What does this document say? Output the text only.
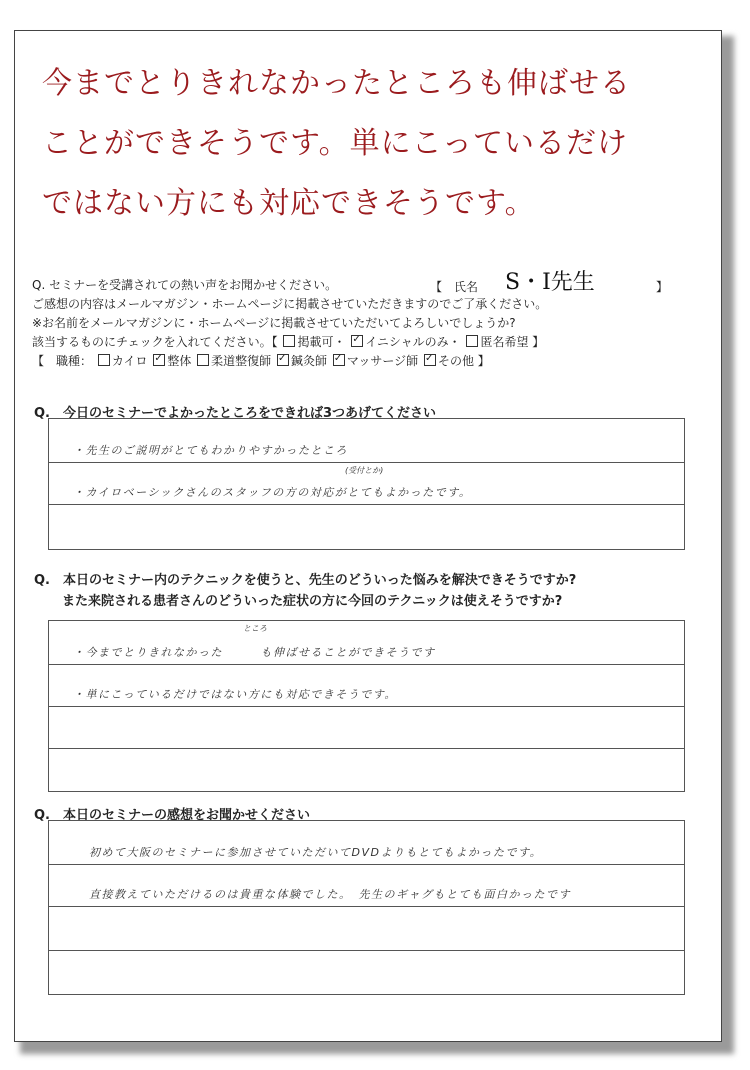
今までとりきれなかったところも伸ばせる
ことができそうです。単にこっているだけ
ではない方にも対応できそうです。
Q. セミナーを受講されての熱い声をお聞かせください。
ご感想の内容はメールマガジン・ホームページに掲載させていただきますのでご了承ください。
※お名前をメールマガジンに・ホームページに掲載させていただいてよろしいでしょうか?
該当するものにチェックを入れてください。【 掲載可・ ✓ イニシャルのみ・ 匿名希望 】
【　職種： カイロ ✓ 整体 柔道整復師 ✓ 鍼灸師 ✓ マッサージ師 ✓ その他 】
【　氏名 S・I先生	】
Q.　今日のセミナーでよかったところをできれば3つあげてください
・先生のご説明がとてもわかりやすかったところ
(受付とか)
・カイロベーシックさんのスタッフの方の対応がとてもよかったです。
Q.　本日のセミナー内のテクニックを使うと、先生のどういった悩みを解決できそうですか?
また来院される患者さんのどういった症状の方に今回のテクニックは使えそうですか?
ところ
・今までとりきれなかった　　　も伸ばせることができそうです
・単にこっているだけではない方にも対応できそうです。
Q.　本日のセミナーの感想をお聞かせください
初めて大阪のセミナーに参加させていただいてDVDよりもとてもよかったです。
直接教えていただけるのは貴重な体験でした。　先生のギャグもとても面白かったです
